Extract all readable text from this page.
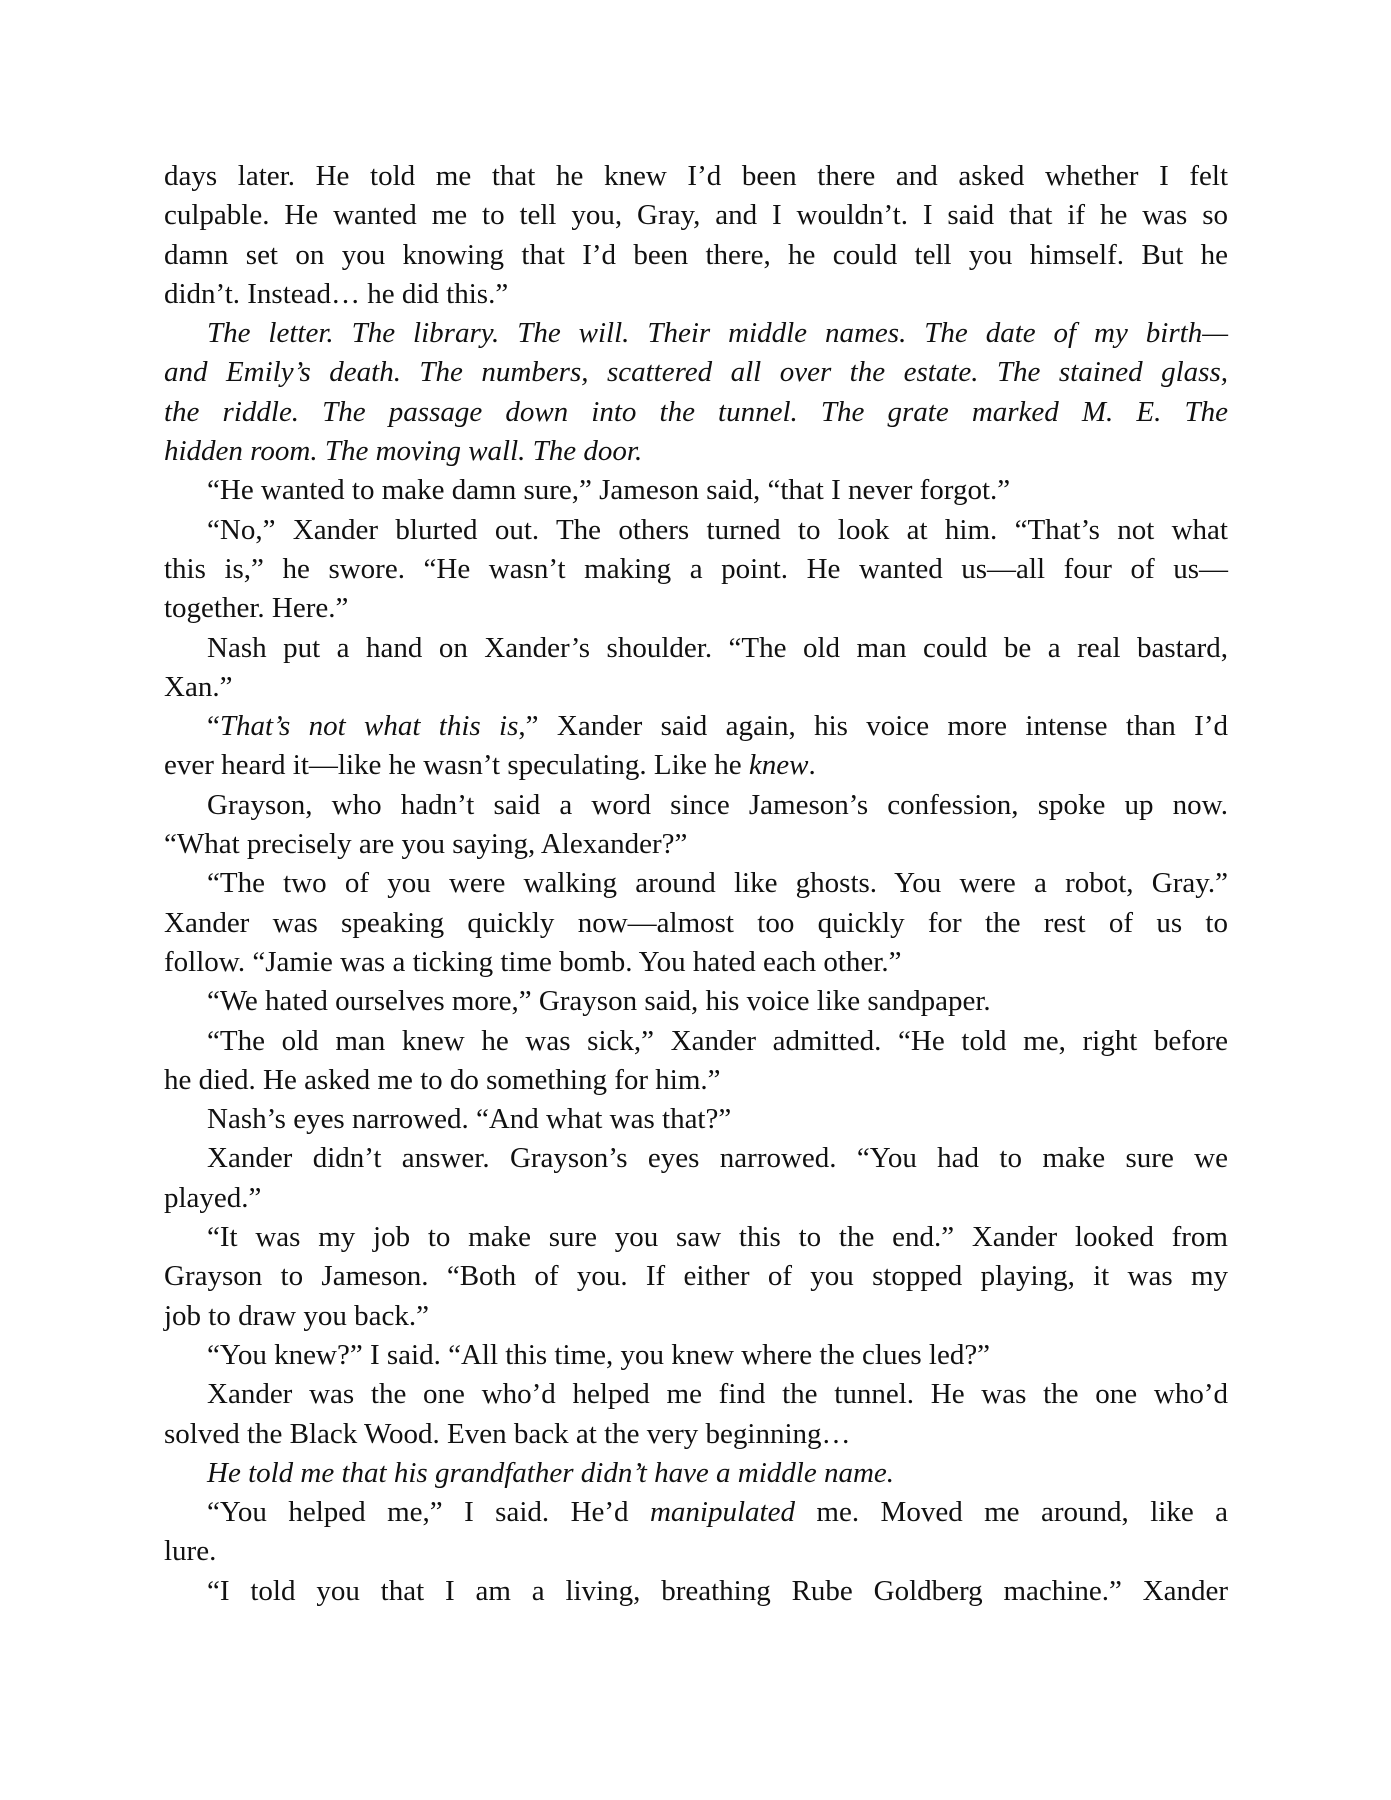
days later. He told me that he knew I’d been there and asked whether I felt
culpable. He wanted me to tell you, Gray, and I wouldn’t. I said that if he was so
damn set on you knowing that I’d been there, he could tell you himself. But he
didn’t. Instead… he did this.”
The letter. The library. The will. Their middle names. The date of my birth—
and Emily’s death. The numbers, scattered all over the estate. The stained glass,
the riddle. The passage down into the tunnel. The grate marked M. E. The
hidden room. The moving wall. The door.
“He wanted to make damn sure,” Jameson said, “that I never forgot.”
“No,” Xander blurted out. The others turned to look at him. “That’s not what
this is,” he swore. “He wasn’t making a point. He wanted us—all four of us—
together. Here.”
Nash put a hand on Xander’s shoulder. “The old man could be a real bastard,
Xan.”
“That’s not what this is,” Xander said again, his voice more intense than I’d
ever heard it—like he wasn’t speculating. Like he knew.
Grayson, who hadn’t said a word since Jameson’s confession, spoke up now.
“What precisely are you saying, Alexander?”
“The two of you were walking around like ghosts. You were a robot, Gray.”
Xander was speaking quickly now—almost too quickly for the rest of us to
follow. “Jamie was a ticking time bomb. You hated each other.”
“We hated ourselves more,” Grayson said, his voice like sandpaper.
“The old man knew he was sick,” Xander admitted. “He told me, right before
he died. He asked me to do something for him.”
Nash’s eyes narrowed. “And what was that?”
Xander didn’t answer. Grayson’s eyes narrowed. “You had to make sure we
played.”
“It was my job to make sure you saw this to the end.” Xander looked from
Grayson to Jameson. “Both of you. If either of you stopped playing, it was my
job to draw you back.”
“You knew?” I said. “All this time, you knew where the clues led?”
Xander was the one who’d helped me find the tunnel. He was the one who’d
solved the Black Wood. Even back at the very beginning…
He told me that his grandfather didn’t have a middle name.
“You helped me,” I said. He’d manipulated me. Moved me around, like a
lure.
“I told you that I am a living, breathing Rube Goldberg machine.” Xander
